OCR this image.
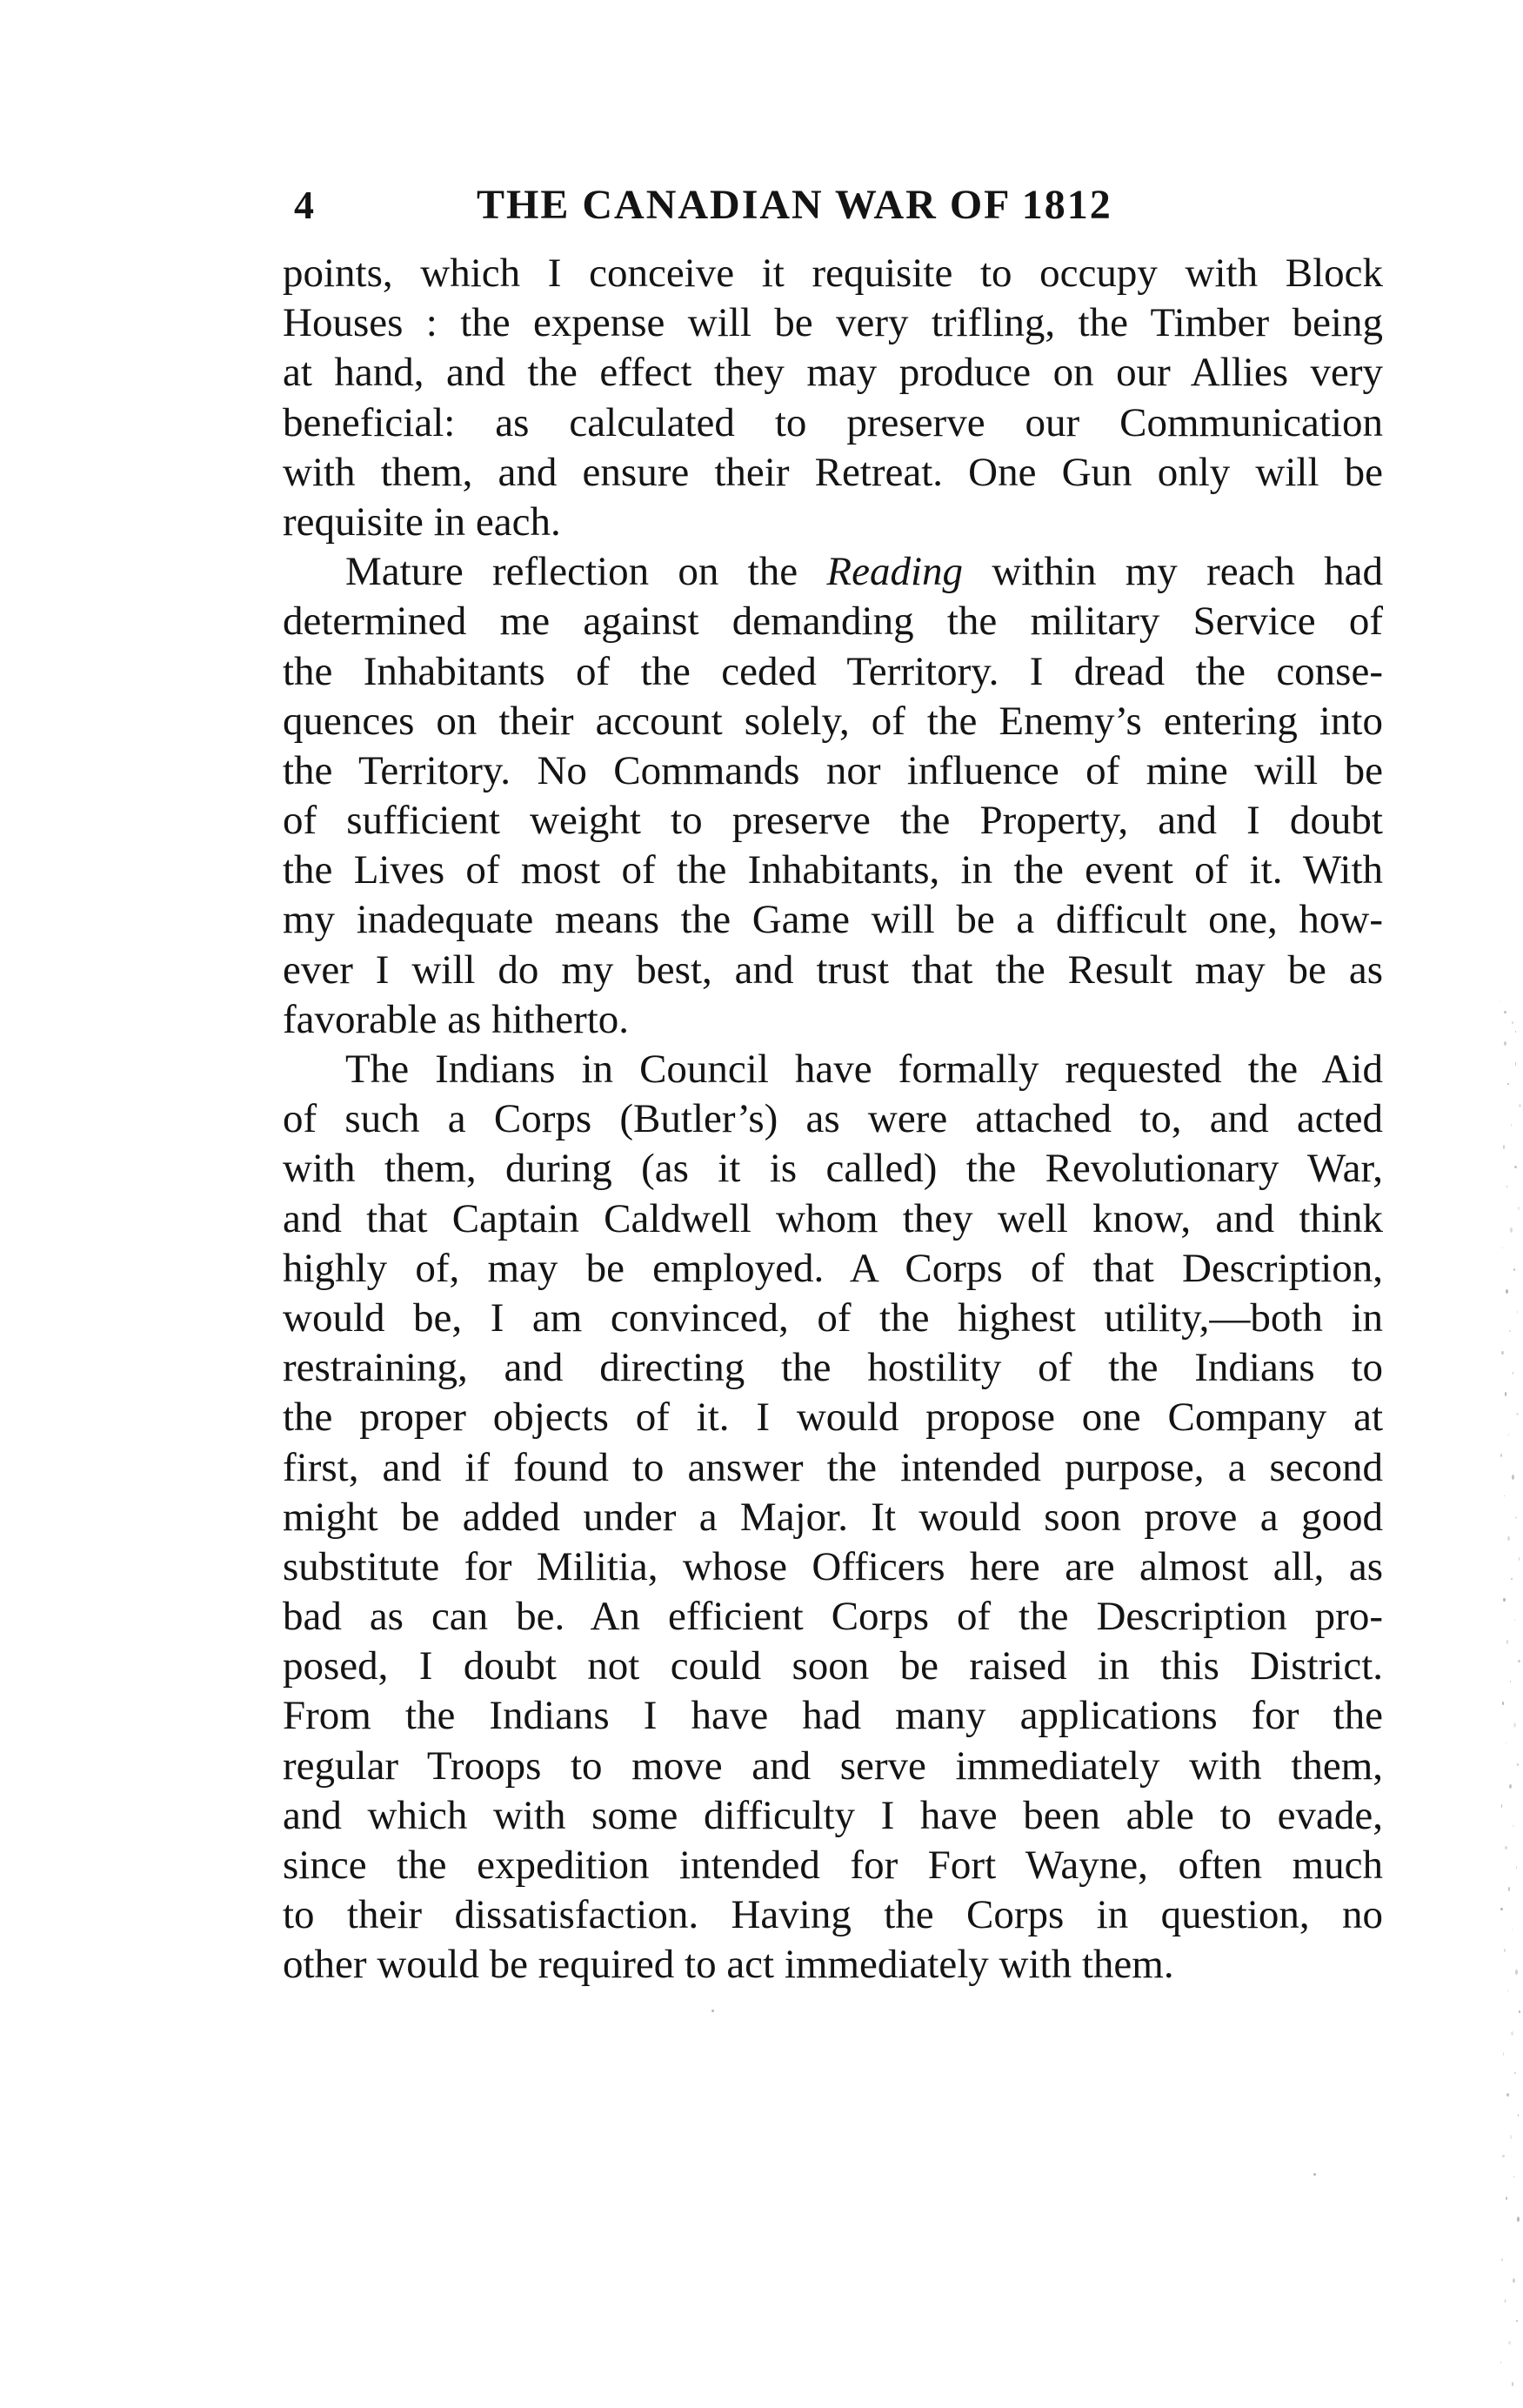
4	THE CANADIAN WAR OF 1812
points, which I conceive it requisite to occupy with Block
Houses : the expense will be very trifling, the Timber being
at hand, and the effect they may produce on our Allies very
beneficial: as calculated to preserve our Communication
with them, and ensure their Retreat. One Gun only will be
requisite in each.
Mature reflection on the Reading within my reach had
determined me against demanding the military Service of
the Inhabitants of the ceded Territory. I dread the conse-
quences on their account solely, of the Enemy’s entering into
the Territory. No Commands nor influence of mine will be
of sufficient weight to preserve the Property, and I doubt
the Lives of most of the Inhabitants, in the event of it. With
my inadequate means the Game will be a difficult one, how-
ever I will do my best, and trust that the Result may be as
favorable as hitherto.
The Indians in Council have formally requested the Aid
of such a Corps (Butler’s) as were attached to, and acted
with them, during (as it is called) the Revolutionary War,
and that Captain Caldwell whom they well know, and think
highly of, may be employed. A Corps of that Description,
would be, I am convinced, of the highest utility,—both in
restraining, and directing the hostility of the Indians to
the proper objects of it. I would propose one Company at
first, and if found to answer the intended purpose, a second
might be added under a Major. It would soon prove a good
substitute for Militia, whose Officers here are almost all, as
bad as can be. An efficient Corps of the Description pro-
posed, I doubt not could soon be raised in this District.
From the Indians I have had many applications for the
regular Troops to move and serve immediately with them,
and which with some difficulty I have been able to evade,
since the expedition intended for Fort Wayne, often much
to their dissatisfaction. Having the Corps in question, no
other would be required to act immediately with them.
